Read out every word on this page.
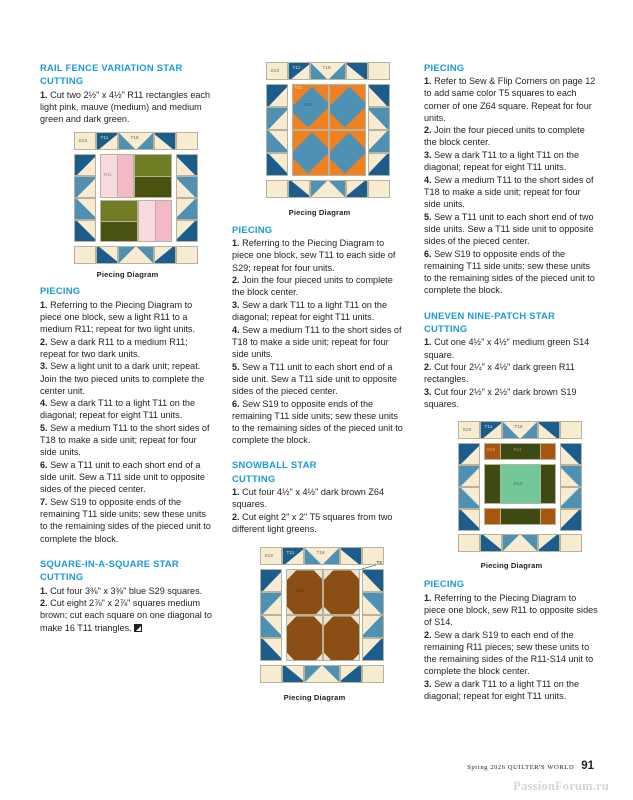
RAIL FENCE VARIATION STAR
CUTTING

1. Cut two 2½" x 4½" R11 rectangles each light pink, mauve (medium) and medium green and dark green.

S19
T11	T18
R11
Piecing Diagram
PIECING

1. Referring to the Piecing Diagram to piece one block, sew a light R11 to a medium R11; repeat for two light units.

2. Sew a dark R11 to a medium R11; repeat for two dark units.

3. Sew a light unit to a dark unit; repeat. Join the two pieced units to complete the center unit.

4. Sew a dark T11 to a light T11 on the diagonal; repeat for eight T11 units.

5. Sew a medium T11 to the short sides of T18 to make a side unit; repeat for four side units.

6. Sew a T11 unit to each short end of a side unit. Sew a T11 side unit to opposite sides of the pieced center.

7. Sew S19 to opposite ends of the remaining T11 side units; sew these units to the remaining sides of the pieced unit to complete the block.

SQUARE-IN-A-SQUARE STAR
CUTTING

1. Cut four 3⅜" x 3⅜" blue S29 squares.

2. Cut eight 2⅞" x 2⅞" squares medium brown; cut each square on one diagonal to make 16 T11 triangles.

S19
T11	T18
T11
S29
Piecing Diagram
PIECING

1. Referring to the Piecing Diagram to piece one block, sew T11 to each side of S29; repeat for four units.

2. Join the four pieced units to complete the block center.

3. Sew a dark T11 to a light T11 on the diagonal; repeat for eight T11 units.

4. Sew a medium T11 to the short sides of T18 to make a side unit; repeat for four side units.

5. Sew a T11 unit to each short end of a side unit. Sew a T11 side unit to opposite sides of the pieced center.

6. Sew S19 to opposite ends of the remaining T11 side units; sew these units to the remaining sides of the pieced unit to complete the block.

SNOWBALL STAR
CUTTING

1. Cut four 4½" x 4½" dark brown Z64 squares.

2. Cut eight 2" x 2" T5 squares from two different light greens.

S19
T11	T18
T5
Z64
Piecing Diagram
PIECING

1. Refer to Sew & Flip Corners on page 12 to add same color T5 squares to each corner of one Z64 square. Repeat for four units.

2. Join the four pieced units to complete the block center.

3. Sew a dark T11 to a light T11 on the diagonal; repeat for eight T11 units.

4. Sew a medium T11 to the short sides of T18 to make a side unit; repeat for four side units.

5. Sew a T11 unit to each short end of two side units. Sew a T11 side unit to opposite sides of the pieced center.

6. Sew S19 to opposite ends of the remaining T11 side units; sew these units to the remaining sides of the pieced unit to complete the block.

UNEVEN NINE-PATCH STAR
CUTTING

1. Cut one 4½" x 4½" medium green S14 square.

2. Cut four 2¼" x 4½" dark green R11 rectangles.

3. Cut four 2½" x 2½" dark brown S19 squares.

S19
T11	T18
S19	R11
S14
Piecing Diagram
PIECING

1. Referring to the Piecing Diagram to piece one block, sew R11 to opposite sides of S14.

2. Sew a dark S19 to each end of the remaining R11 pieces; sew these units to the remaining sides of the R11-S14 unit to complete the block center.

3. Sew a dark T11 to a light T11 on the diagonal; repeat for eight T11 units.

Spring 2026 QUILTER'S WORLD 91
PassionForum.ru
